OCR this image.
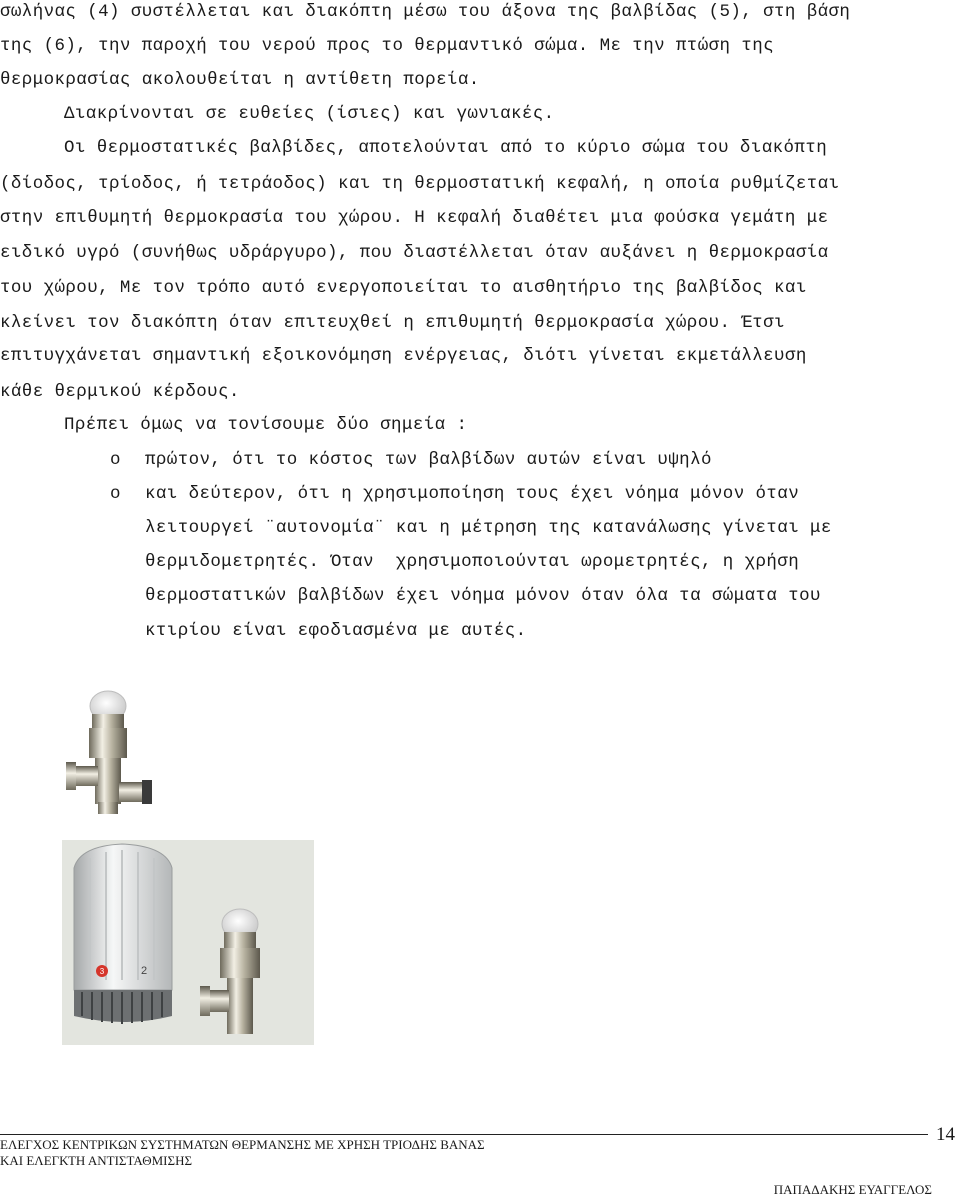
σωλήνας (4) συστέλλεται και διακόπτη μέσω του άξονα της βαλβίδας (5), στη βάση

της (6), την παροχή του νερού προς το θερμαντικό σώμα. Με την πτώση της

θερμοκρασίας ακολουθείται η αντίθετη πορεία.

Διακρίνονται σε ευθείες (ίσιες) και γωνιακές.

Οι θερμοστατικές βαλβίδες, αποτελούνται από το κύριο σώμα του διακόπτη

(δίοδος, τρίοδος, ή τετράοδος) και τη θερμοστατική κεφαλή, η οποία ρυθμίζεται

στην επιθυμητή θερμοκρασία του χώρου. Η κεφαλή διαθέτει μια φούσκα γεμάτη με

ειδικό υγρό (συνήθως υδράργυρο), που διαστέλλεται όταν αυξάνει η θερμοκρασία

του χώρου, Με τον τρόπο αυτό ενεργοποιείται το αισθητήριο της βαλβίδος και

κλείνει τον διακόπτη όταν επιτευχθεί η επιθυμητή θερμοκρασία χώρου. Έτσι

επιτυγχάνεται σημαντική εξοικονόμηση ενέργειας, διότι γίνεται εκμετάλλευση

κάθε θερμικού κέρδους.

Πρέπει όμως να τονίσουμε δύο σημεία :

o πρώτον, ότι το κόστος των βαλβίδων αυτών είναι υψηλό

o και δεύτερον, ότι η χρησιμοποίηση τους έχει νόημα μόνον όταν

λειτουργεί ¨αυτονομία¨ και η μέτρηση της κατανάλωσης γίνεται με

θερμιδομετρητές. Όταν  χρησιμοποιούνται ωρομετρητές, η χρήση

θερμοστατικών βαλβίδων έχει νόημα μόνον όταν όλα τα σώματα του

κτιρίου είναι εφοδιασμένα με αυτές.

3	2

ΕΛΕΓΧΟΣ ΚΕΝΤΡΙΚΩΝ ΣΥΣΤΗΜΑΤΩΝ ΘΕΡΜΑΝΣΗΣ ΜΕ ΧΡΗΣΗ ΤΡΙΟΔΗΣ ΒΑΝΑΣ

ΚΑΙ ΕΛΕΓΚΤΗ ΑΝΤΙΣΤΑΘΜΙΣΗΣ

14
ΠΑΠΑΔΑΚΗΣ ΕΥΑΓΓΕΛΟΣ
